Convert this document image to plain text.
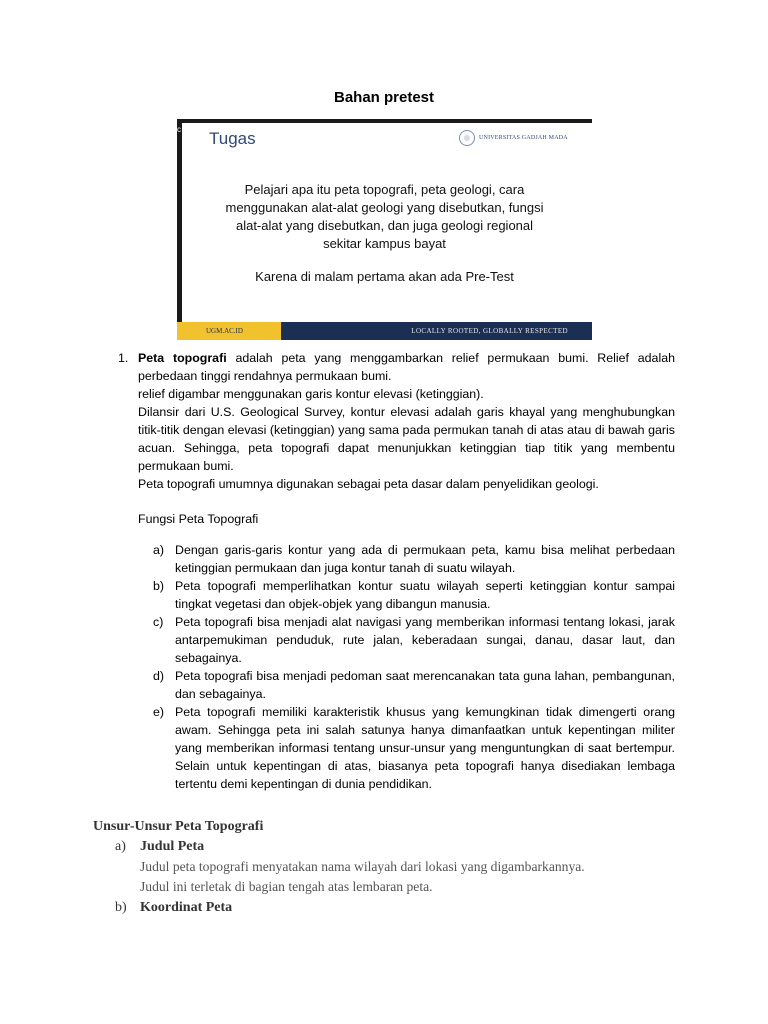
Bahan pretest
c Tugas	UNIVERSITAS GADJAH MADA
Pelajari apa itu peta topografi, peta geologi, cara
menggunakan alat-alat geologi yang disebutkan, fungsi
alat-alat yang disebutkan, dan juga geologi regional
sekitar kampus bayat
Karena di malam pertama akan ada Pre-Test
UGM.AC.ID	LOCALLY ROOTED, GLOBALLY RESPECTED
1. Peta topografi adalah peta yang menggambarkan relief permukaan bumi. Relief adalah
perbedaan tinggi rendahnya permukaan bumi.
relief digambar menggunakan garis kontur elevasi (ketinggian).
Dilansir dari U.S. Geological Survey, kontur elevasi adalah garis khayal yang menghubungkan titik-titik dengan elevasi (ketinggian) yang sama pada permukan tanah di atas atau di bawah garis acuan. Sehingga, peta topografi dapat menunjukkan ketinggian tiap titik yang membentu permukaan bumi.
Peta topografi umumnya digunakan sebagai peta dasar dalam penyelidikan geologi.
Fungsi Peta Topografi
a) Dengan garis-garis kontur yang ada di permukaan peta, kamu bisa melihat perbedaan ketinggian permukaan dan juga kontur tanah di suatu wilayah.
b) Peta topografi memperlihatkan kontur suatu wilayah seperti ketinggian kontur sampai tingkat vegetasi dan objek-objek yang dibangun manusia.
c) Peta topografi bisa menjadi alat navigasi yang memberikan informasi tentang lokasi, jarak antarpemukiman penduduk, rute jalan, keberadaan sungai, danau, dasar laut, dan sebagainya.
d) Peta topografi bisa menjadi pedoman saat merencanakan tata guna lahan, pembangunan, dan sebagainya.
e) Peta topografi memiliki karakteristik khusus yang kemungkinan tidak dimengerti orang awam. Sehingga peta ini salah satunya hanya dimanfaatkan untuk kepentingan militer yang memberikan informasi tentang unsur-unsur yang menguntungkan di saat bertempur. Selain untuk kepentingan di atas, biasanya peta topografi hanya disediakan lembaga tertentu demi kepentingan di dunia pendidikan.
Unsur-Unsur Peta Topografi
a) Judul Peta
Judul peta topografi menyatakan nama wilayah dari lokasi yang digambarkannya.
Judul ini terletak di bagian tengah atas lembaran peta.
b) Koordinat Peta
